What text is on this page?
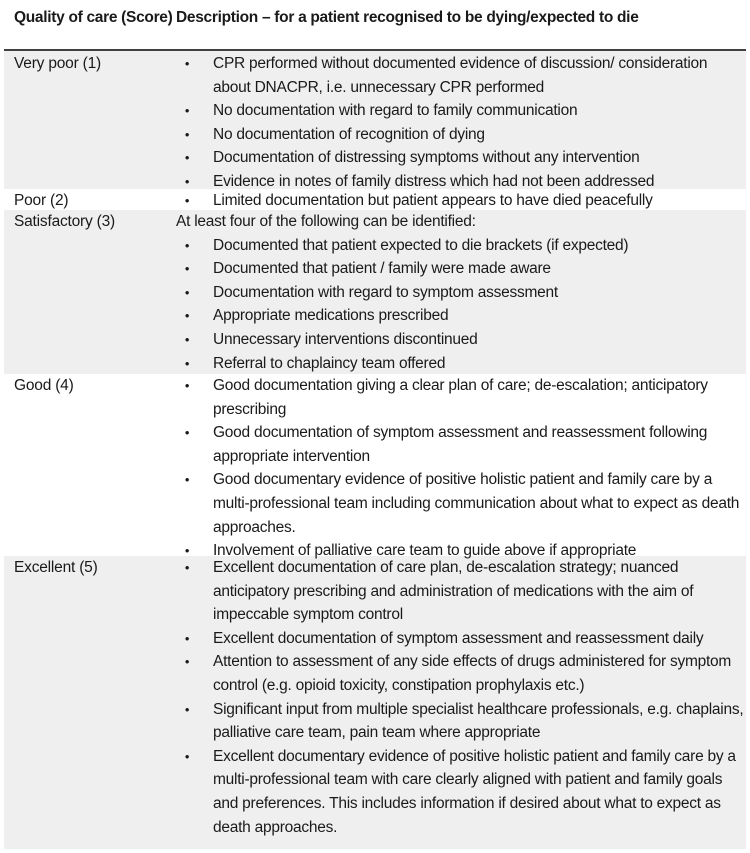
Quality of care (Score) Description – for a patient recognised to be dying/expected to die
Very poor (1)	• CPR performed without documented evidence of discussion/ consideration about DNACPR, i.e. unnecessary CPR performed
• No documentation with regard to family communication
• No documentation of recognition of dying
• Documentation of distressing symptoms without any intervention
• Evidence in notes of family distress which had not been addressed
Poor (2)	• Limited documentation but patient appears to have died peacefully
Satisfactory (3)	At least four of the following can be identified:
• Documented that patient expected to die brackets (if expected)
• Documented that patient / family were made aware
• Documentation with regard to symptom assessment
• Appropriate medications prescribed
• Unnecessary interventions discontinued
• Referral to chaplaincy team offered
Good (4)	• Good documentation giving a clear plan of care; de-escalation; anticipatory prescribing
• Good documentation of symptom assessment and reassessment following appropriate intervention
• Good documentary evidence of positive holistic patient and family care by a multi-professional team including communication about what to expect as death approaches.
• Involvement of palliative care team to guide above if appropriate
Excellent (5)	• Excellent documentation of care plan, de-escalation strategy; nuanced anticipatory prescribing and administration of medications with the aim of impeccable symptom control
• Excellent documentation of symptom assessment and reassessment daily
• Attention to assessment of any side effects of drugs administered for symptom control (e.g. opioid toxicity, constipation prophylaxis etc.)
• Significant input from multiple specialist healthcare professionals, e.g. chaplains, palliative care team, pain team where appropriate
• Excellent documentary evidence of positive holistic patient and family care by a multi-professional team with care clearly aligned with patient and family goals and preferences. This includes information if desired about what to expect as death approaches.
